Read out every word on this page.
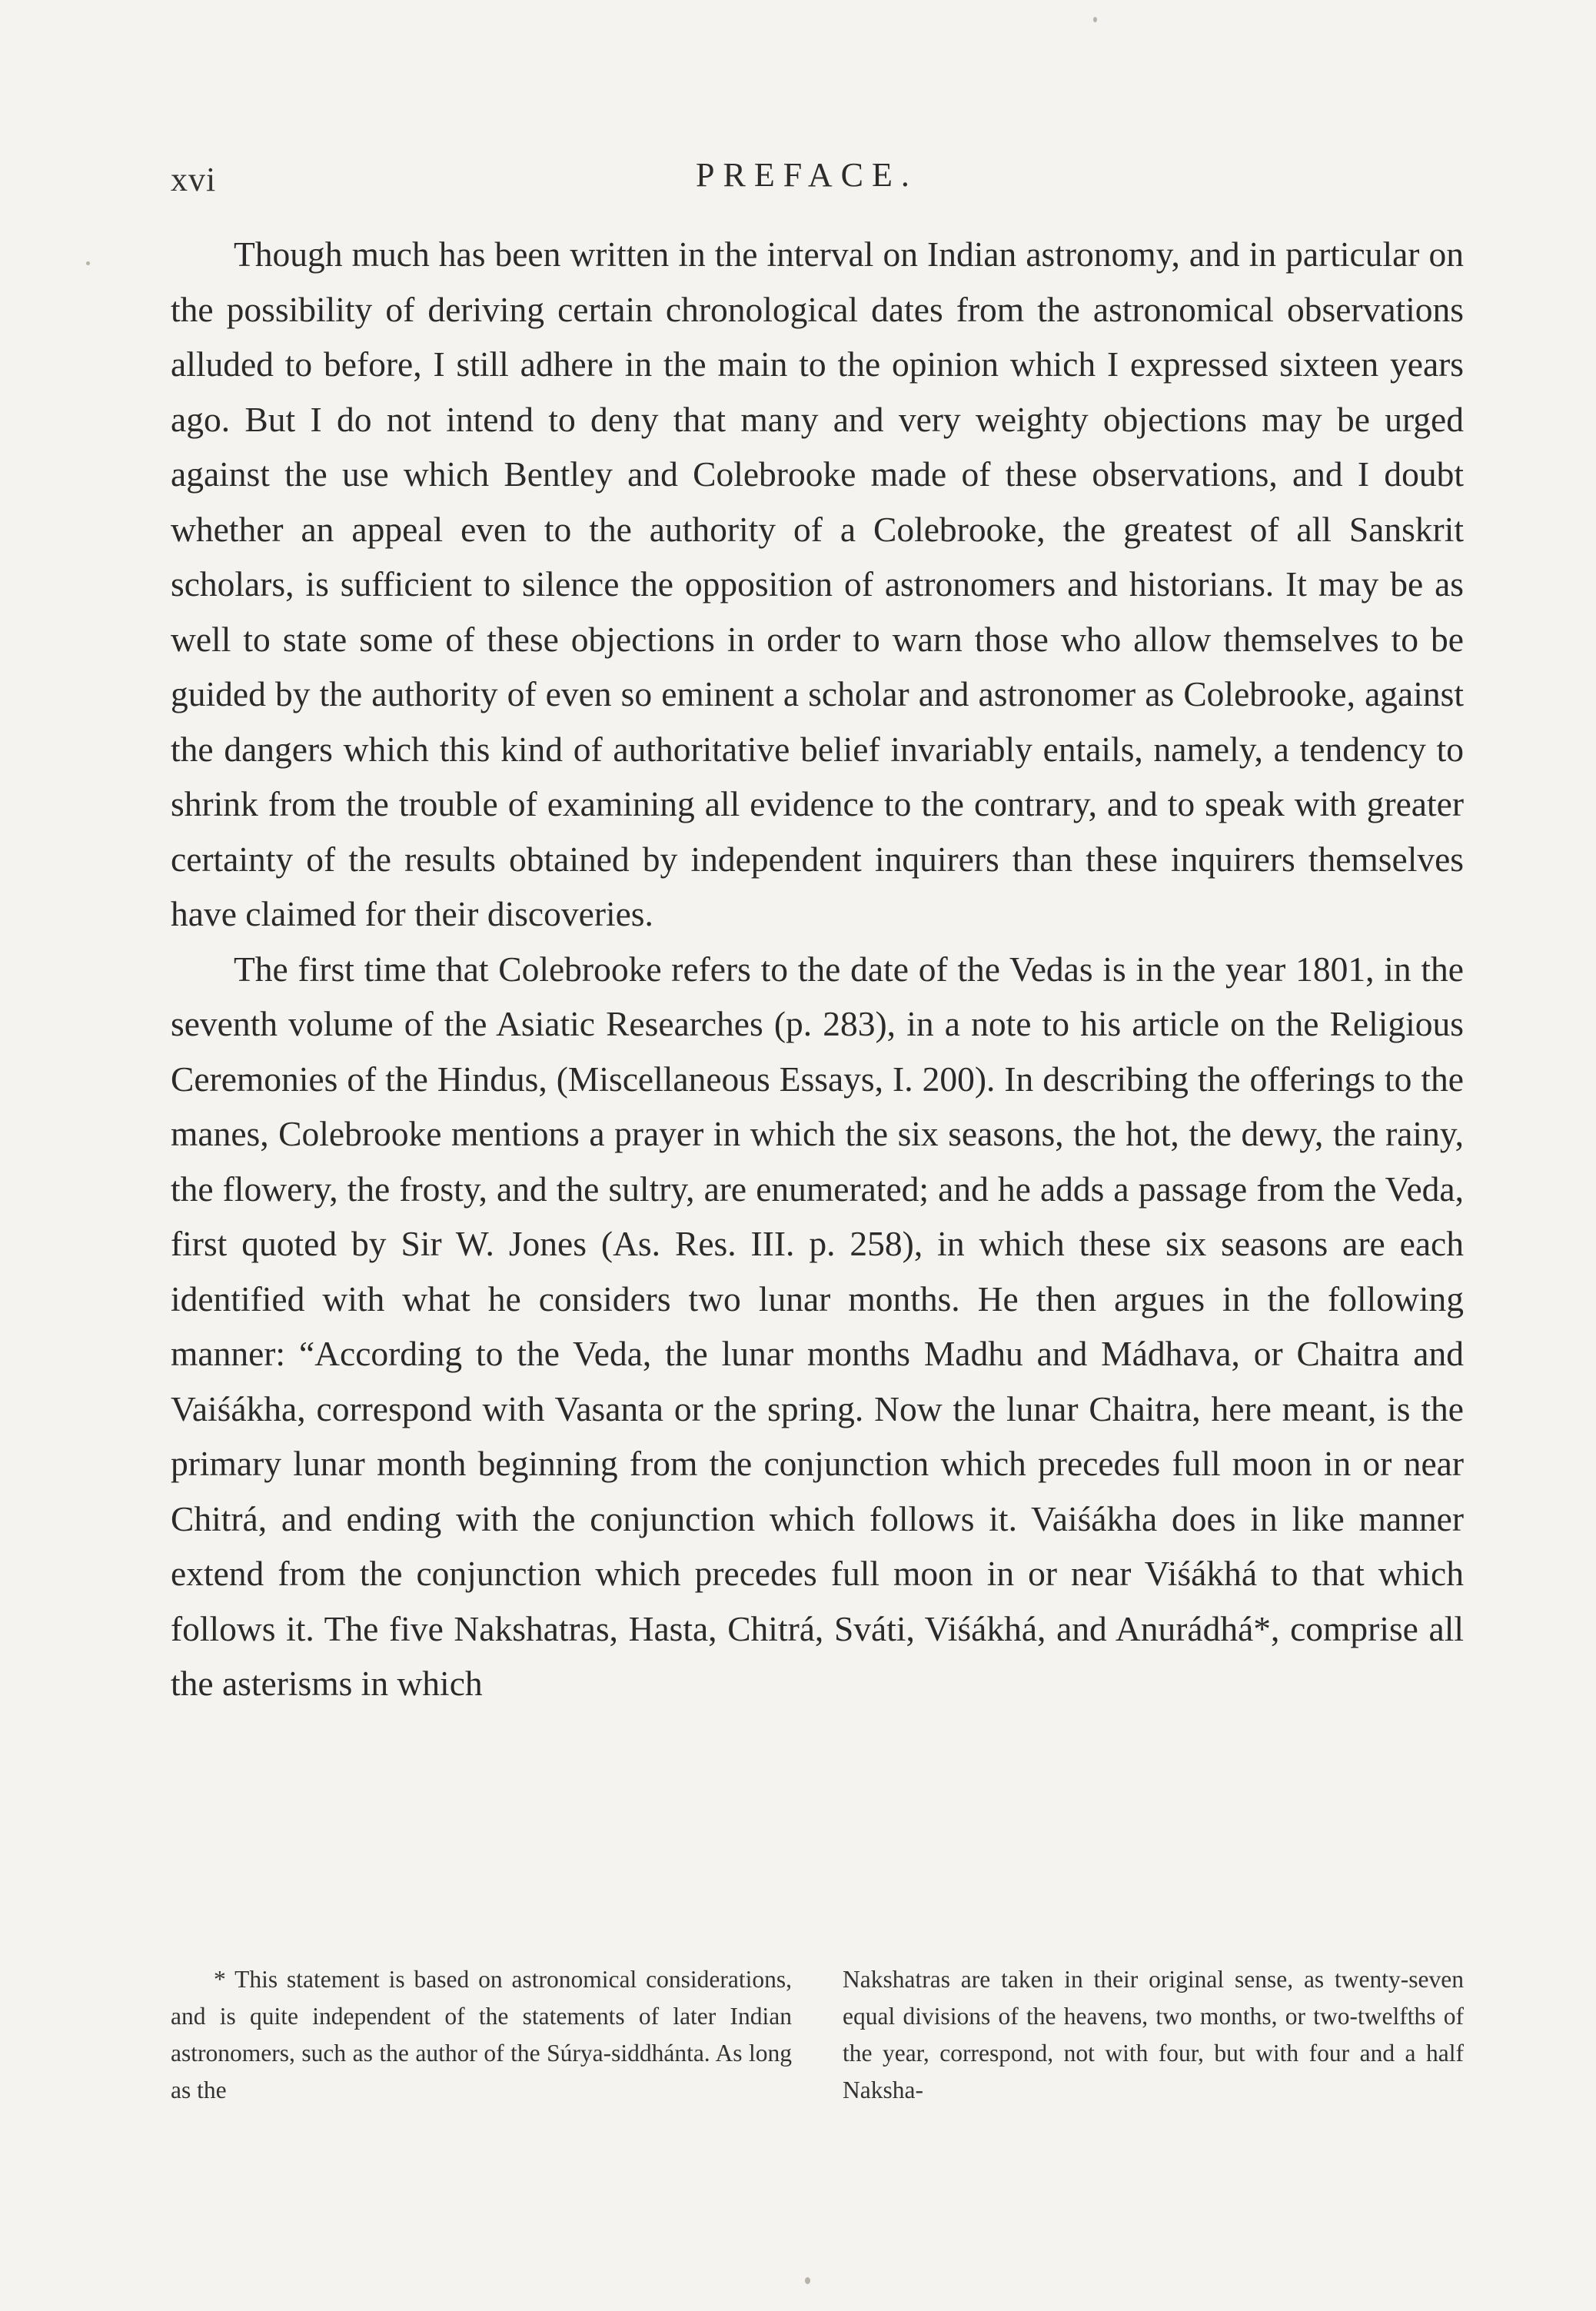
xvi	PREFACE.

Though much has been written in the interval on Indian astronomy, and in particular on the possibility of deriving certain chronological dates from the astronomical observations alluded to before, I still adhere in the main to the opinion which I expressed sixteen years ago. But I do not intend to deny that many and very weighty objections may be urged against the use which Bentley and Colebrooke made of these observations, and I doubt whether an appeal even to the authority of a Colebrooke, the greatest of all Sanskrit scholars, is sufficient to silence the opposition of astronomers and historians. It may be as well to state some of these objections in order to warn those who allow themselves to be guided by the authority of even so eminent a scholar and astronomer as Colebrooke, against the dangers which this kind of authoritative belief invariably entails, namely, a tendency to shrink from the trouble of examining all evidence to the contrary, and to speak with greater certainty of the results obtained by independent inquirers than these inquirers themselves have claimed for their discoveries.

The first time that Colebrooke refers to the date of the Vedas is in the year 1801, in the seventh volume of the Asiatic Researches (p. 283), in a note to his article on the Religious Ceremonies of the Hindus, (Miscellaneous Essays, I. 200). In describing the offerings to the manes, Colebrooke mentions a prayer in which the six seasons, the hot, the dewy, the rainy, the flowery, the frosty, and the sultry, are enumerated; and he adds a passage from the Veda, first quoted by Sir W. Jones (As. Res. III. p. 258), in which these six seasons are each identified with what he considers two lunar months. He then argues in the following manner: “According to the Veda, the lunar months Madhu and Mádhava, or Chaitra and Vaiśákha, correspond with Vasanta or the spring. Now the lunar Chaitra, here meant, is the primary lunar month beginning from the conjunction which precedes full moon in or near Chitrá, and ending with the conjunction which follows it. Vaiśákha does in like manner extend from the conjunction which precedes full moon in or near Viśákhá to that which follows it. The five Nakshatras, Hasta, Chitrá, Sváti, Viśákhá, and Anurádhá*, comprise all the asterisms in which

* This statement is based on astronomical considerations, and is quite independent of the statements of later Indian astronomers, such as the author of the Súrya-siddhánta. As long as the

Nakshatras are taken in their original sense, as twenty-seven equal divisions of the heavens, two months, or two-twelfths of the year, correspond, not with four, but with four and a half Naksha-
